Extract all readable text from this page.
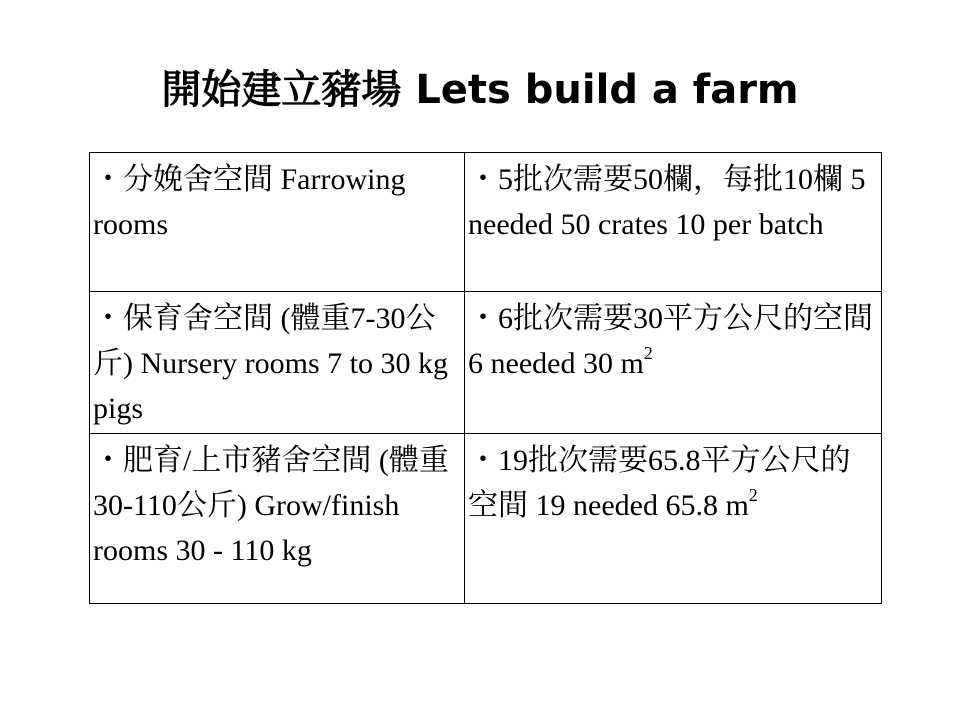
開始建立豬場 Lets build a farm
・分娩舍空間 Farrowing rooms	・5批次需要50欄，每批10欄 5 needed 50 crates 10 per batch

・保育舍空間 (體重7-30公斤) Nursery rooms 7 to 30 kg pigs	・6批次需要30平方公尺的空間 6 needed 30 $m^2$

・肥育/上市豬舍空間 (體重30-110公斤) Grow/finish rooms 30 - 110 kg	・19批次需要65.8平方公尺的空間 19 needed 65.8 $m^2$
